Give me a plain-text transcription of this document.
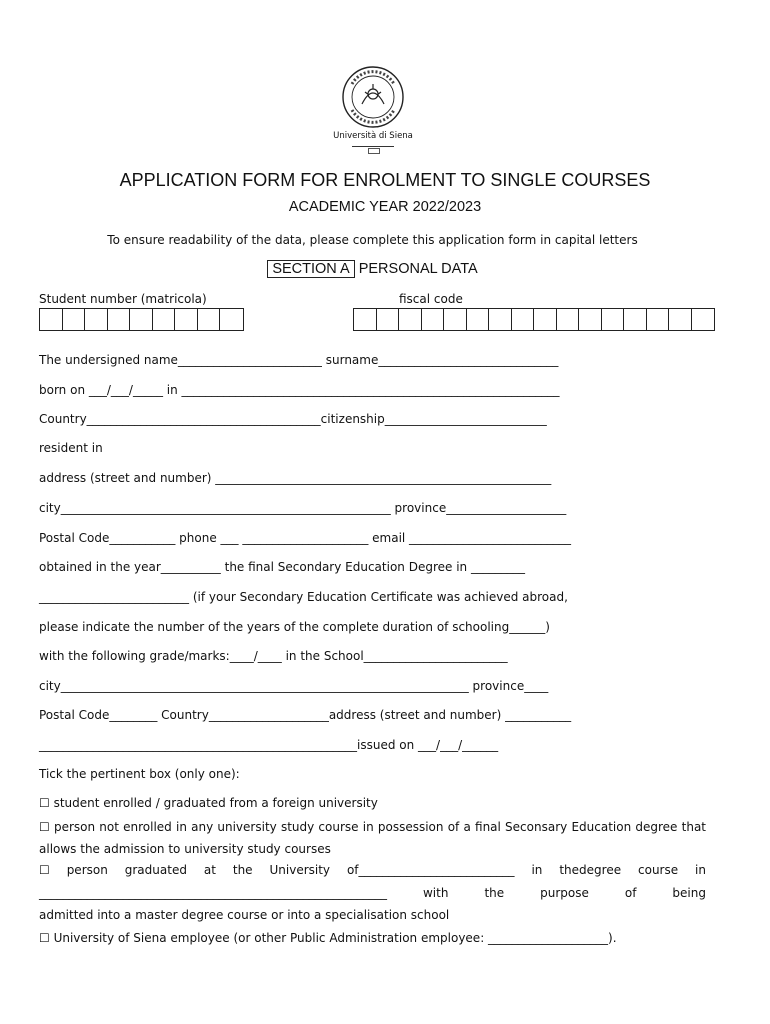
Università di Siena
APPLICATION FORM FOR ENROLMENT TO SINGLE COURSES
ACADEMIC YEAR 2022/2023
To ensure readability of the data, please complete this application form in capital letters
SECTION A PERSONAL DATA
Student number (matricola)	fiscal code
The undersigned name________________________ surname______________________________
born on ___/___/_____ in _______________________________________________________________
Country_______________________________________citizenship___________________________
resident in
address (street and number) ________________________________________________________
city_______________________________________________________ province____________________
Postal Code___________ phone ___ _____________________ email ___________________________
obtained in the year__________ the final Secondary Education Degree in _________
_________________________ (if your Secondary Education Certificate was achieved abroad,
please indicate the number of the years of the complete duration of schooling______)
with the following grade/marks:____/____ in the School________________________
city____________________________________________________________________ province____
Postal Code________ Country____________________address (street and number) ___________
_____________________________________________________issued on ___/___/______
Tick the pertinent box (only one):
☐ student enrolled / graduated from a foreign university
☐ person not enrolled in any university study course in possession of a final Seconsary Education degree that allows the admission to university study courses
☐ person graduated at the University of__________________________ in thedegree course in
__________________________________________________________ with the purpose of being
admitted into a master degree course or into a specialisation school
☐ University of Siena employee (or other Public Administration employee: ____________________).
